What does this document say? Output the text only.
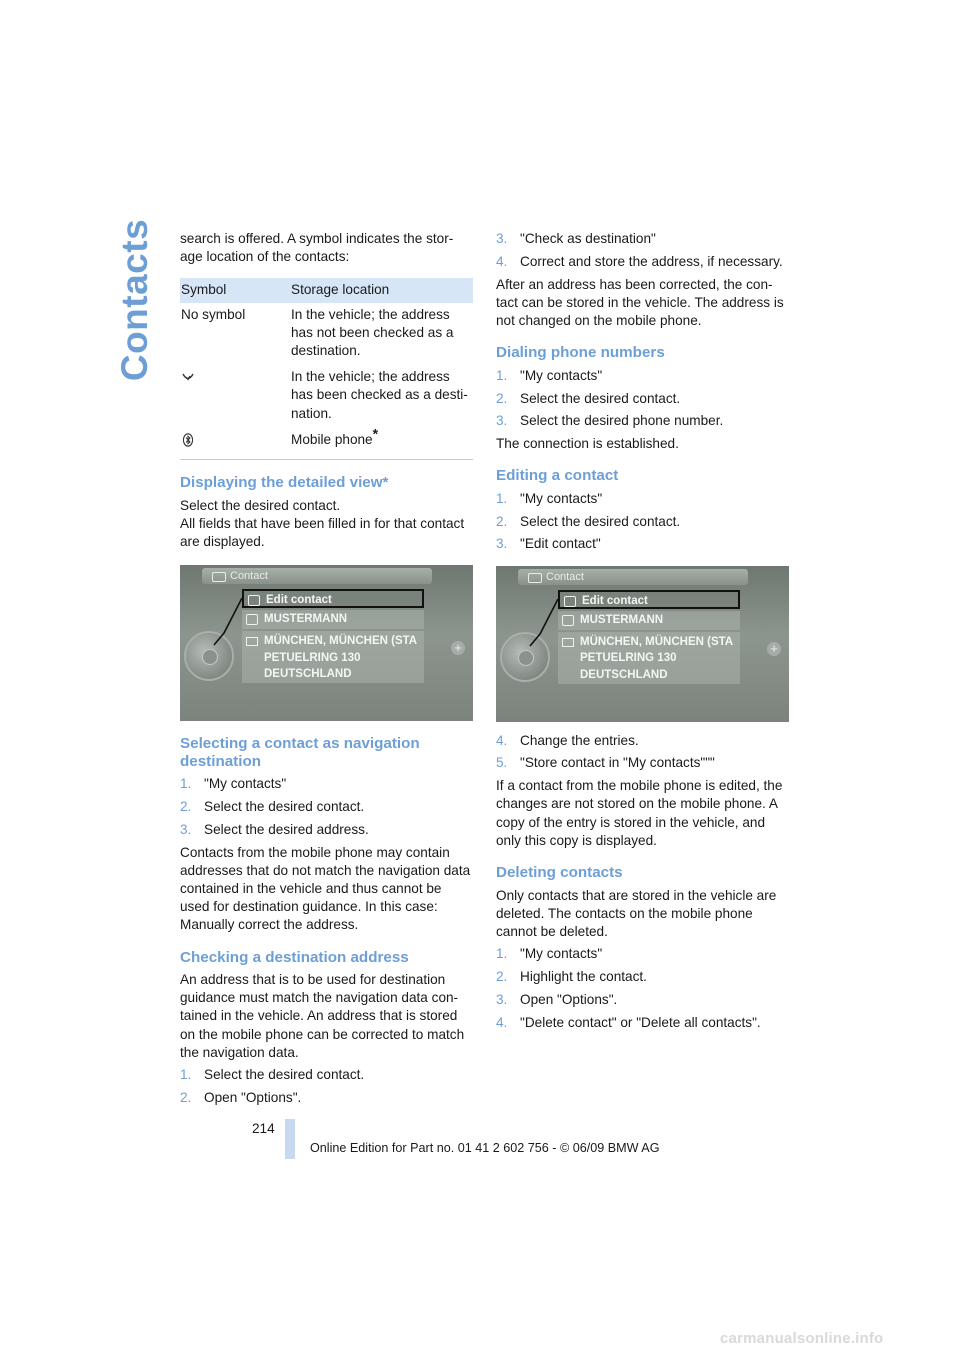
Contacts search is offered. A symbol indicates the stor-age location of the contacts:

Symbol	Storage location
No symbol	In the vehicle; the address has not been checked as a destination.
	In the vehicle; the address has been checked as a desti-nation.
	Mobile phone*
Displaying the detailed view*

Select the desired contact.
All fields that have been filled in for that contact are displayed.

Contact
Edit contact
MUSTERMANN
MÜNCHEN, MÜNCHEN (STA
PETUELRING 130
DEUTSCHLAND
+
Selecting a contact as navigation destination
1. "My contacts"
2. Select the desired contact.
3. Select the desired address.

Contacts from the mobile phone may contain addresses that do not match the navigation data contained in the vehicle and thus cannot be used for destination guidance. In this case: Manually correct the address.

Checking a destination address

An address that is to be used for destination guidance must match the navigation data con-tained in the vehicle. An address that is stored on the mobile phone can be corrected to match the navigation data.

1. Select the desired contact.
2. Open "Options".
3. "Check as destination"
4. Correct and store the address, if necessary.

After an address has been corrected, the con-tact can be stored in the vehicle. The address is not changed on the mobile phone.

Dialing phone numbers
1. "My contacts"
2. Select the desired contact.
3. Select the desired phone number.

The connection is established.

Editing a contact
1. "My contacts"
2. Select the desired contact.
3. "Edit contact"
Contact
Edit contact
MUSTERMANN
MÜNCHEN, MÜNCHEN (STA
PETUELRING 130
DEUTSCHLAND
+
4. Change the entries.
5. "Store contact in "My contacts"""

If a contact from the mobile phone is edited, the changes are not stored on the mobile phone. A copy of the entry is stored in the vehicle, and only this copy is displayed.

Deleting contacts

Only contacts that are stored in the vehicle are deleted. The contacts on the mobile phone cannot be deleted.

1. "My contacts"
2. Highlight the contact.
3. Open "Options".
4. "Delete contact" or "Delete all contacts".
214
Online Edition for Part no. 01 41 2 602 756 - © 06/09 BMW AG
carmanualsonline.info
